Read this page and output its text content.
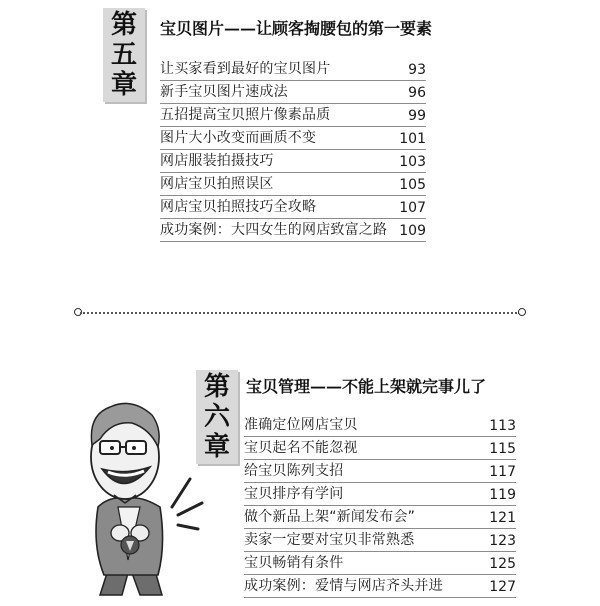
第
五
章
宝贝图片——让顾客掏腰包的第一要素
让买家看到最好的宝贝图片	93
新手宝贝图片速成法	96
五招提高宝贝照片像素品质	99
图片大小改变而画质不变	101
网店服装拍摄技巧	103
网店宝贝拍照误区	105
网店宝贝拍照技巧全攻略	107
成功案例：大四女生的网店致富之路 109
第
六
章
宝贝管理——不能上架就完事儿了
准确定位网店宝贝	113
宝贝起名不能忽视	115
给宝贝陈列支招	117
宝贝排序有学问	119
做个新品上架“新闻发布会”	121
卖家一定要对宝贝非常熟悉	123
宝贝畅销有条件	125
成功案例：爱情与网店齐头并进	127
